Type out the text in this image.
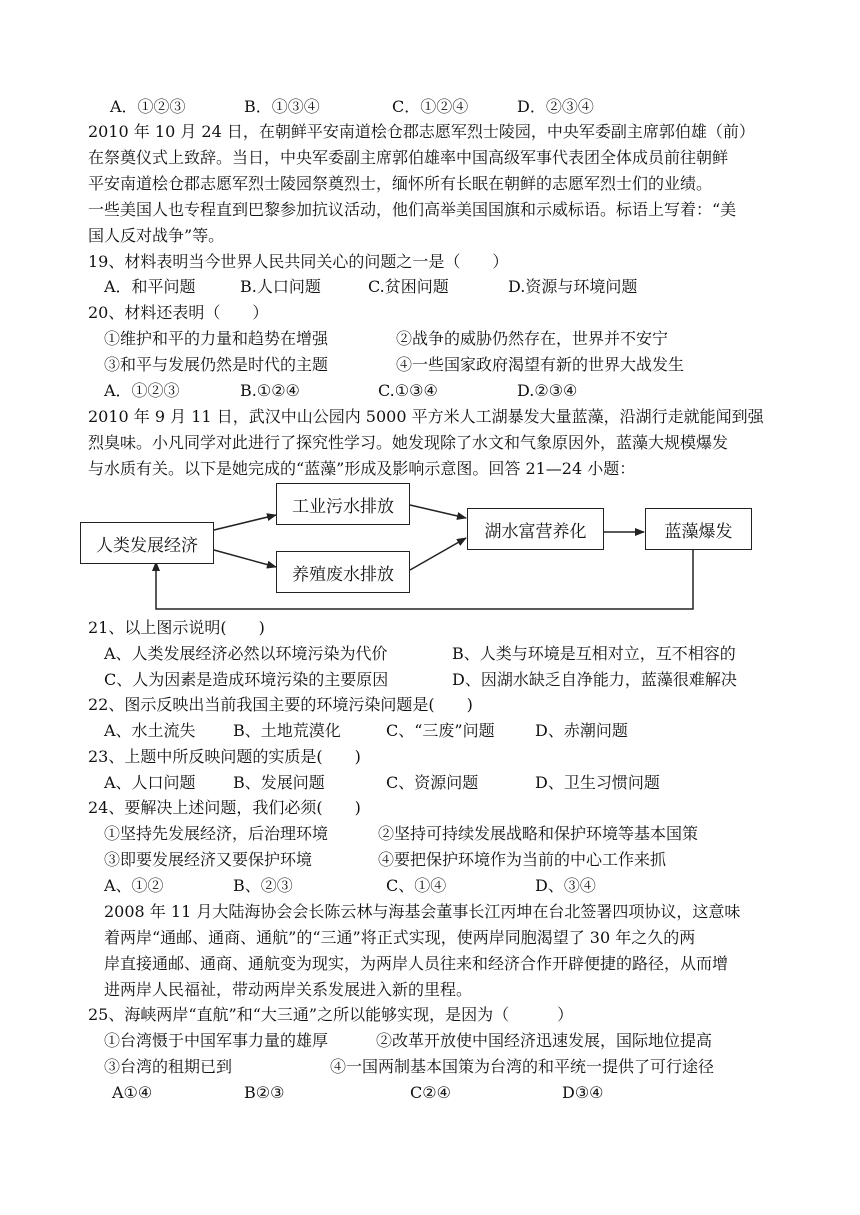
A．①②③	B．①③④	C．①②④	D．②③④
2010 年 10 月 24 日，在朝鲜平安南道桧仓郡志愿军烈士陵园，中央军委副主席郭伯雄（前）
在祭奠仪式上致辞。当日，中央军委副主席郭伯雄率中国高级军事代表团全体成员前往朝鲜
平安南道桧仓郡志愿军烈士陵园祭奠烈士，缅怀所有长眠在朝鲜的志愿军烈士们的业绩。
一些美国人也专程直到巴黎参加抗议活动，他们高举美国国旗和示威标语。标语上写着：“美
国人反对战争”等。
19、材料表明当今世界人民共同关心的问题之一是（　　）
A．和平问题	B.人口问题	C.贫困问题	D.资源与环境问题
20、材料还表明（　　）
①维护和平的力量和趋势在增强	②战争的威胁仍然存在，世界并不安宁
③和平与发展仍然是时代的主题	④一些国家政府渴望有新的世界大战发生
A．①②③	B.①②④	C.①③④	D.②③④
2010 年 9 月 11 日，武汉中山公园内 5000 平方米人工湖暴发大量蓝藻，沿湖行走就能闻到强
烈臭味。小凡同学对此进行了探究性学习。她发现除了水文和气象原因外，蓝藻大规模爆发
与水质有关。以下是她完成的“蓝藻”形成及影响示意图。回答 21—24 小题：
人类发展经济
工业污水排放
养殖废水排放
湖水富营养化	蓝藻爆发
21、以上图示说明(　　)
A、人类发展经济必然以环境污染为代价	B、人类与环境是互相对立，互不相容的
C、人为因素是造成环境污染的主要原因	D、因湖水缺乏自净能力，蓝藻很难解决
22、图示反映出当前我国主要的环境污染问题是(　　)
A、水土流失 B、土地荒漠化	C、“三废”问题	D、赤潮问题
23、上题中所反映问题的实质是(　　)
A、人口问题 B、发展问题	C、资源问题	D、卫生习惯问题
24、要解决上述问题，我们必须(　　)
①坚持先发展经济，后治理环境	②坚持可持续发展战略和保护环境等基本国策
③即要发展经济又要保护环境	④要把保护环境作为当前的中心工作来抓
A、①②	B、②③	C、①④	D、③④
2008 年 11 月大陆海协会会长陈云林与海基会董事长江丙坤在台北签署四项协议，这意味
着两岸“通邮、通商、通航”的“三通”将正式实现，使两岸同胞渴望了 30 年之久的两
岸直接通邮、通商、通航变为现实，为两岸人员往来和经济合作开辟便捷的路径，从而增
进两岸人民福祉，带动两岸关系发展进入新的里程。
25、海峡两岸“直航”和“大三通”之所以能够实现，是因为（　　　）
①台湾慑于中国军事力量的雄厚	②改革开放使中国经济迅速发展，国际地位提高
③台湾的租期已到	④一国两制基本国策为台湾的和平统一提供了可行途径
A①④	B②③	C②④	D③④
